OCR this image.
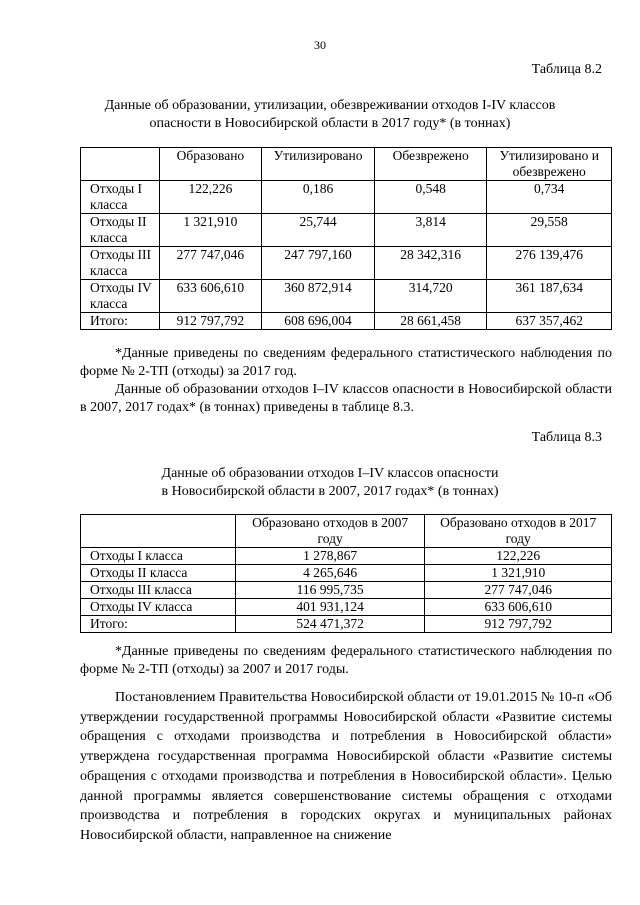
30
Таблица 8.2
Данные об образовании, утилизации, обезвреживании отходов I-IV классов
опасности в Новосибирской области в 2017 году* (в тоннах)
	Образовано	Утилизировано	Обезврежено	Утилизировано и обезврежено
Отходы I класса	122,226	0,186	0,548	0,734
Отходы II класса	1 321,910	25,744	3,814	29,558
Отходы III класса	277 747,046	247 797,160	28 342,316	276 139,476
Отходы IV класса	633 606,610	360 872,914	314,720	361 187,634
Итого:	912 797,792	608 696,004	28 661,458	637 357,462
*Данные приведены по сведениям федерального статистического наблюдения по форме № 2-ТП (отходы) за 2017 год.
Данные об образовании отходов I–IV классов опасности в Новосибирской области в 2007, 2017 годах* (в тоннах) приведены в таблице 8.3.
Таблица 8.3
Данные об образовании отходов I–IV классов опасности
в Новосибирской области в 2007, 2017 годах* (в тоннах)
	Образовано отходов в 2007 году	Образовано отходов в 2017 году
Отходы I класса	1 278,867	122,226
Отходы II класса	4 265,646	1 321,910
Отходы III класса	116 995,735	277 747,046
Отходы IV класса	401 931,124	633 606,610
Итого:	524 471,372	912 797,792
*Данные приведены по сведениям федерального статистического наблюдения по форме № 2-ТП (отходы) за 2007 и 2017 годы.
Постановлением Правительства Новосибирской области от 19.01.2015 № 10-п «Об утверждении государственной программы Новосибирской области «Развитие системы обращения с отходами производства и потребления в Новосибирской области» утверждена государственная программа Новосибирской области «Развитие системы обращения с отходами производства и потребления в Новосибирской области». Целью данной программы является совершенствование системы обращения с отходами производства и потребления в городских округах и муниципальных районах Новосибирской области, направленное на снижение
